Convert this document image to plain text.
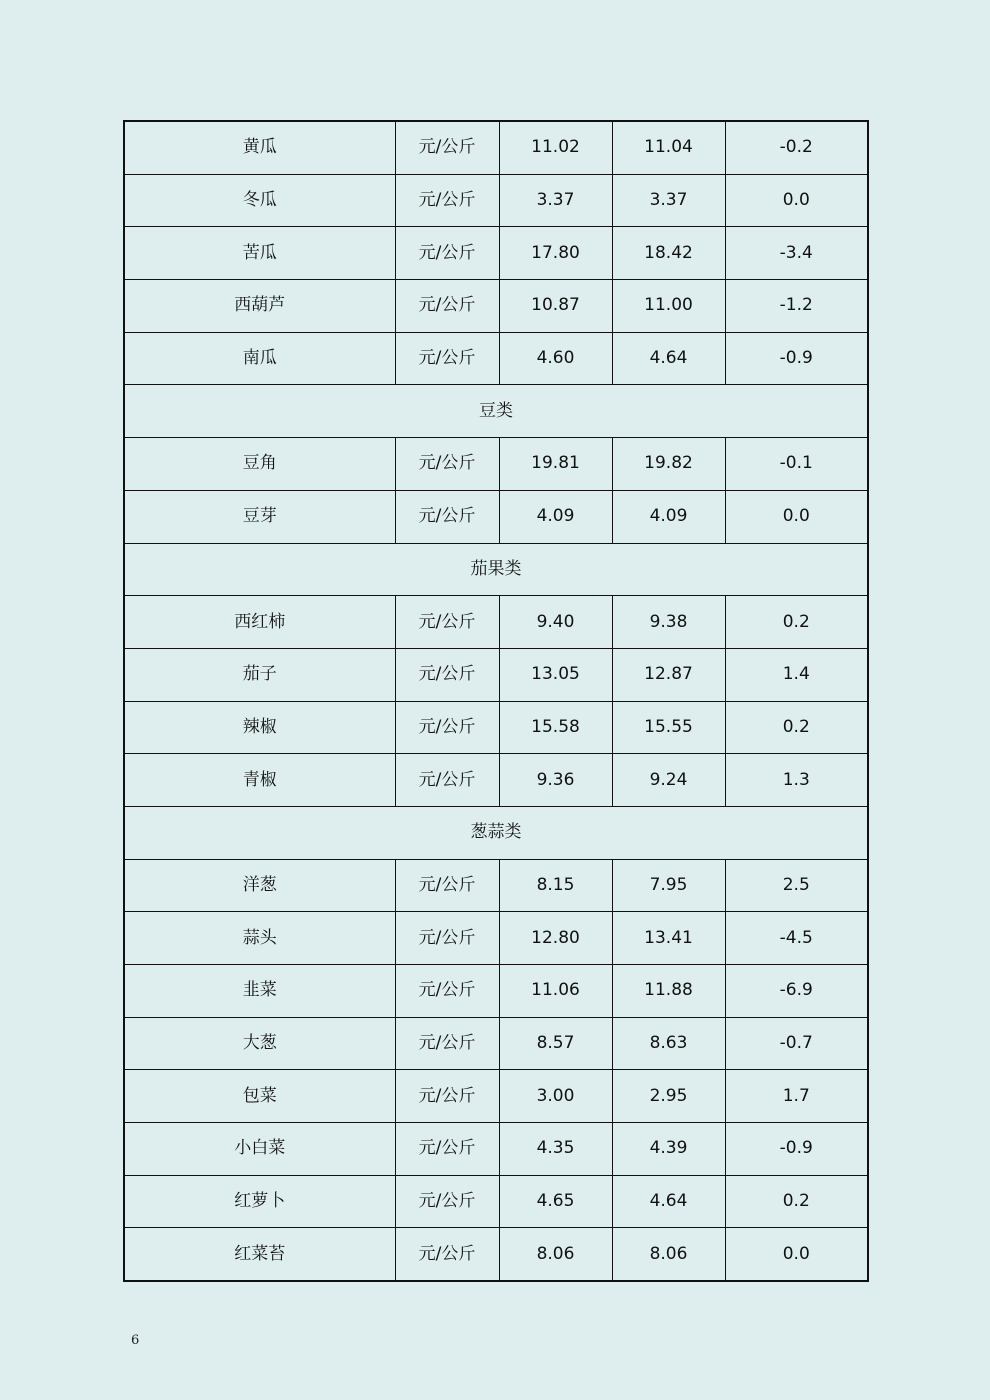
黄瓜	元/公斤	11.02	11.04	-0.2
冬瓜	元/公斤	3.37	3.37	0.0
苦瓜	元/公斤	17.80	18.42	-3.4
西葫芦	元/公斤	10.87	11.00	-1.2
南瓜	元/公斤	4.60	4.64	-0.9
豆类				
豆角	元/公斤	19.81	19.82	-0.1
豆芽	元/公斤	4.09	4.09	0.0
茄果类				
西红柿	元/公斤	9.40	9.38	0.2
茄子	元/公斤	13.05	12.87	1.4
辣椒	元/公斤	15.58	15.55	0.2
青椒	元/公斤	9.36	9.24	1.3
葱蒜类				
洋葱	元/公斤	8.15	7.95	2.5
蒜头	元/公斤	12.80	13.41	-4.5
韭菜	元/公斤	11.06	11.88	-6.9
大葱	元/公斤	8.57	8.63	-0.7
包菜	元/公斤	3.00	2.95	1.7
小白菜	元/公斤	4.35	4.39	-0.9
红萝卜	元/公斤	4.65	4.64	0.2
红菜苔	元/公斤	8.06	8.06	0.0
6
